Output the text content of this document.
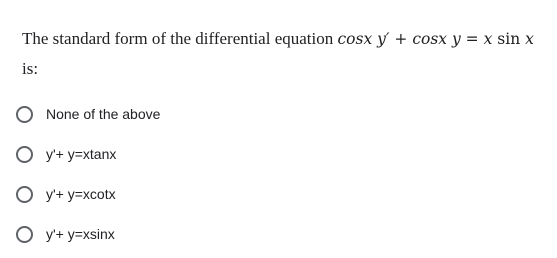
The standard form of the differential equation cosx y′ + cosx y = x sin x
is:
None of the above
y'+ y=xtanx
y'+ y=xcotx
y'+ y=xsinx
